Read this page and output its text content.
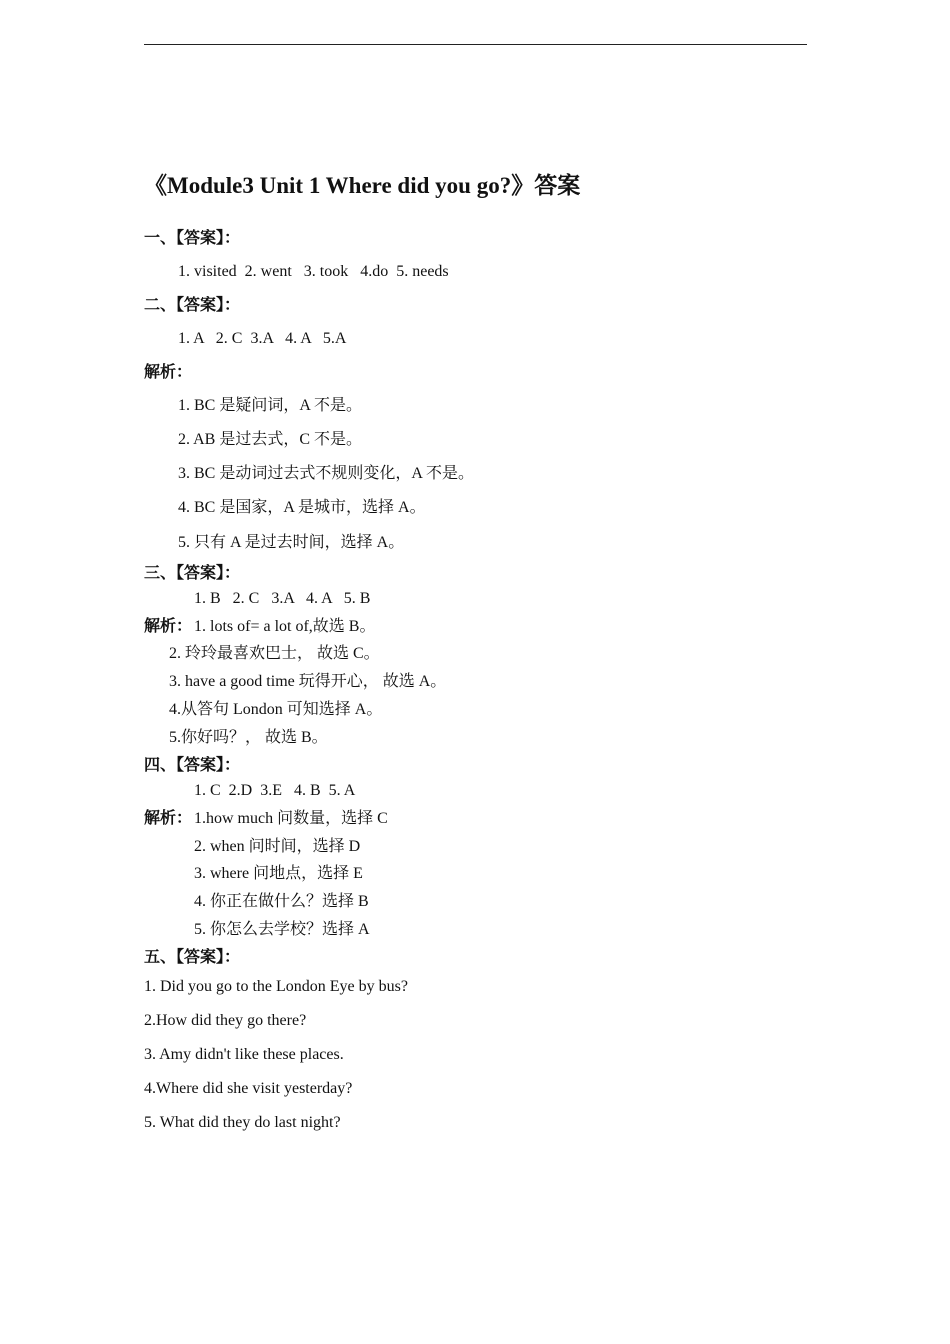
《Module3 Unit 1 Where did you go?》答案
一、【答案】：
1. visited  2. went   3. took   4.do  5. needs
二、【答案】：
1. A   2. C  3.A   4. A   5.A
解析：
1. BC 是疑问词，A 不是。
2. AB 是过去式，C 不是。
3. BC 是动词过去式不规则变化，A 不是。
4. BC 是国家，A 是城市，选择 A。
5. 只有 A 是过去时间，选择 A。
三、【答案】：
1. B   2. C   3.A   4. A   5. B
解析： 1. lots of= a lot of,故选 B。
2. 玲玲最喜欢巴士， 故选 C。
3. have a good time 玩得开心， 故选 A。
4.从答句 London 可知选择 A。
5.你好吗？， 故选 B。
四、【答案】：
1. C  2.D  3.E   4. B  5. A
解析： 1.how much 问数量，选择 C
2. when 问时间，选择 D
3. where 问地点，选择 E
4. 你正在做什么？选择 B
5. 你怎么去学校？选择 A
五、【答案】：
1. Did you go to the London Eye by bus?
2.How did they go there?
3. Amy didn't like these places.
4.Where did she visit yesterday?
5. What did they do last night?
